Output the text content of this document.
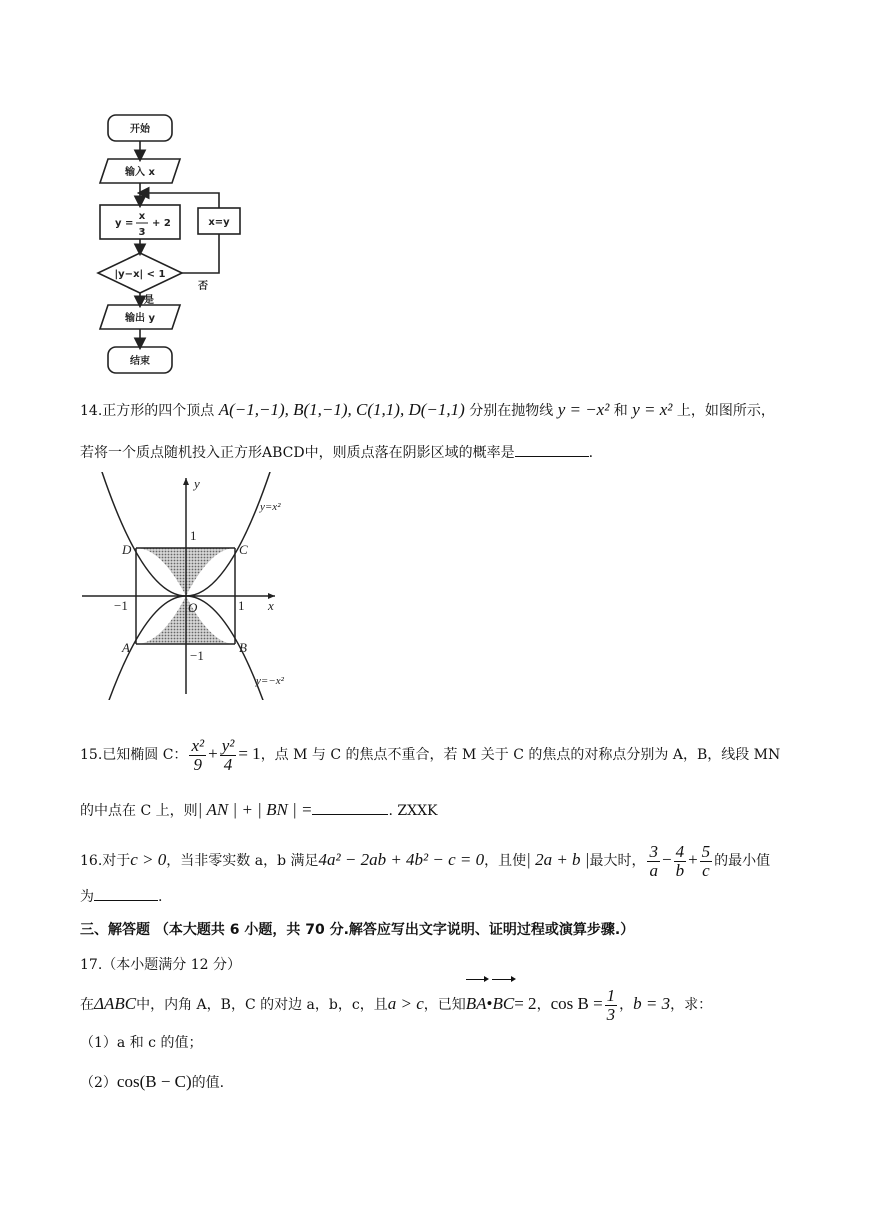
开始
输入 x
y =
x
3
+ 2	x=y
|y−x| < 1
否
是
输出 y
结束
14.正方形的四个顶点 A(−1,−1), B(1,−1), C(1,1), D(−1,1) 分别在抛物线 y = −x² 和 y = x² 上，如图所示，
若将一个质点随机投入正方形ABCD中，则质点落在阴影区域的概率是	.
y
x
y=x²
y=−x²
1
−1
1
−1	O
A	B
C
D
15.已知椭圆 C： $\frac{\text{x²}}{9} + \frac{\text{y²}}{4} = 1$，点 M 与 C 的焦点不重合，若 M 关于 C 的焦点的对称点分别为 A，B，线段 MN
的中点在 C 上，则| AN | + | BN | =	. ZXXK
16.对于c > 0，当非零实数 a，b 满足4a² − 2ab + 4b² − c = 0，且使| 2a + b |最大时， $\frac{3}{a} - \frac{4}{b} + \frac{5}{c}$ 的最小值
为	.
三、解答题 （本大题共 6 小题，共 70 分.解答应写出文字说明、证明过程或演算步骤.）
17.（本小题满分 12 分）
在ΔABC中，内角 A，B，C 的对边 a，b，c，且a > c，已知BA•BC= 2，$\cos B = \frac{1}{3}$ ，b = 3，求：
（1）a 和 c 的值；
（2）cos(B − C)的值.
